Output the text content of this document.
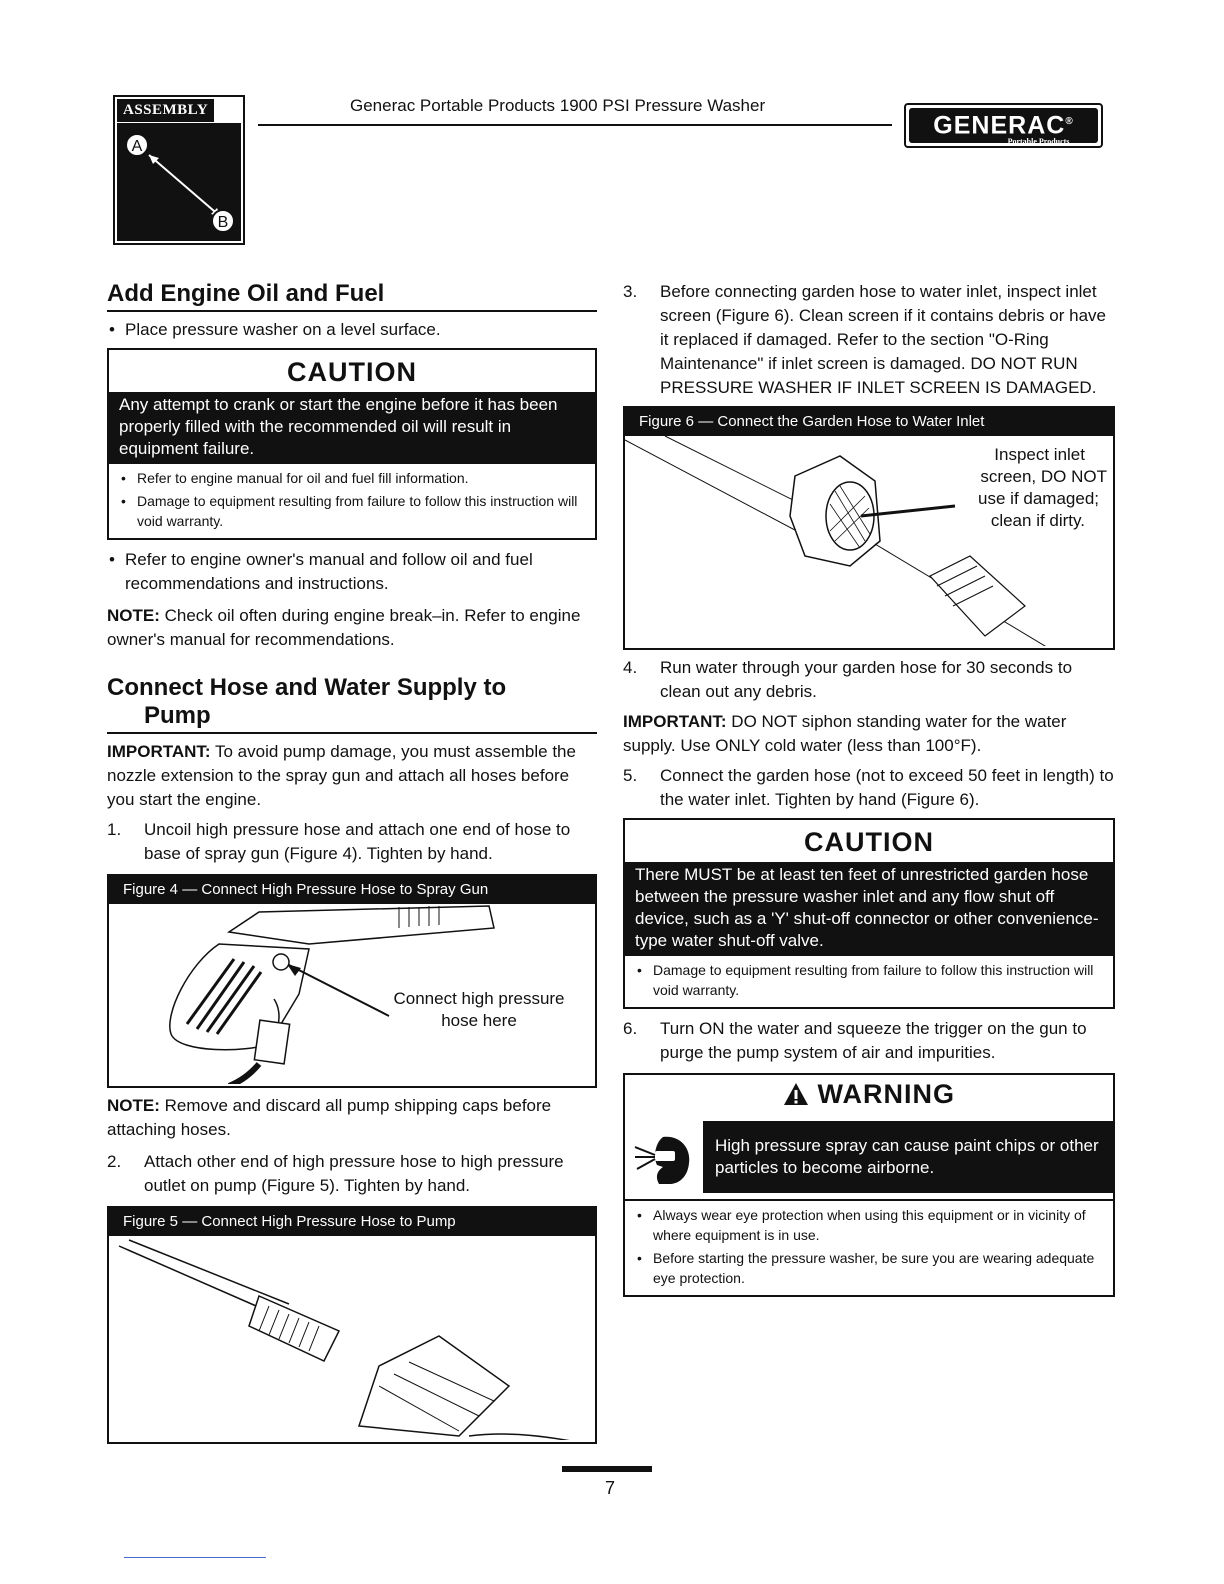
A
B
ASSEMBLY	Generac Portable Products 1900 PSI Pressure Washer
GENERAC®
Portable Products
Add Engine Oil and Fuel

• Place pressure washer on a level surface.

CAUTION
Any attempt to crank or start the engine before it has been properly filled with the recommended oil will result in equipment failure.
• Refer to engine manual for oil and fuel fill information.
• Damage to equipment resulting from failure to follow this instruction will void warranty.

• Refer to engine owner's manual and follow oil and fuel recommendations and instructions.

NOTE: Check oil often during engine break–in. Refer to engine owner's manual for recommendations.

Connect Hose and Water Supply to
Pump

IMPORTANT: To avoid pump damage, you must assemble the nozzle extension to the spray gun and attach all hoses before you start the engine.

1. Uncoil high pressure hose and attach one end of hose to base of spray gun (Figure 4). Tighten by hand.

Figure 4 — Connect High Pressure Hose to Spray Gun
Connect high pressure
hose here

NOTE: Remove and discard all pump shipping caps before attaching hoses.

2. Attach other end of high pressure hose to high pressure outlet on pump (Figure 5). Tighten by hand.

Figure 5 — Connect High Pressure Hose to Pump

3. Before connecting garden hose to water inlet, inspect inlet screen (Figure 6). Clean screen if it contains debris or have it replaced if damaged. Refer to the section "O-Ring Maintenance" if inlet screen is damaged. DO NOT RUN PRESSURE WASHER IF INLET SCREEN IS DAMAGED.

Figure 6 — Connect the Garden Hose to Water Inlet
Inspect inlet
screen, DO NOT
use if damaged;
clean if dirty.

4. Run water through your garden hose for 30 seconds to clean out any debris.

IMPORTANT: DO NOT siphon standing water for the water supply. Use ONLY cold water (less than 100°F).

5. Connect the garden hose (not to exceed 50 feet in length) to the water inlet. Tighten by hand (Figure 6).

CAUTION
There MUST be at least ten feet of unrestricted garden hose between the pressure washer inlet and any flow shut off device, such as a 'Y' shut-off connector or other convenience-type water shut-off valve.
• Damage to equipment resulting from failure to follow this instruction will void warranty.

6. Turn ON the water and squeeze the trigger on the gun to purge the pump system of air and impurities.

WARNING
High pressure spray can cause paint chips or other particles to become airborne.
• Always wear eye protection when using this equipment or in vicinity of where equipment is in use.
• Before starting the pressure washer, be sure you are wearing adequate eye protection.
7
